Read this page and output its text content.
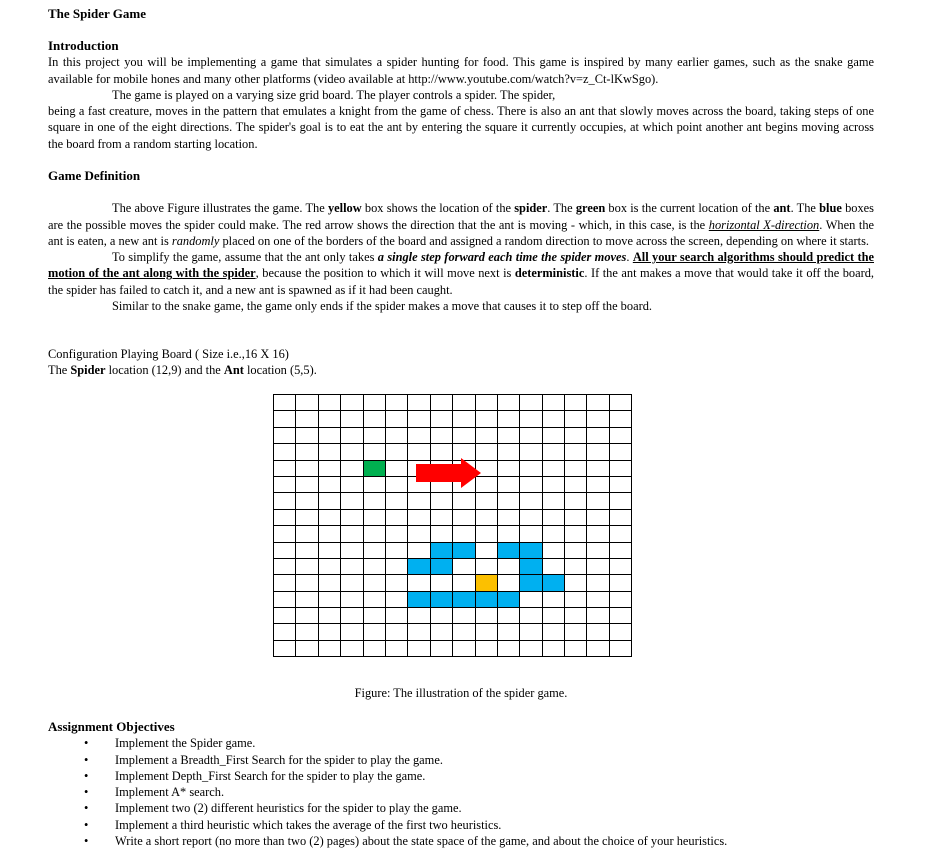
The Spider Game
Introduction

In this project you will be implementing a game that simulates a spider hunting for food. This game is inspired by many earlier games, such as the snake game available for mobile hones and many other platforms (video available at http://www.youtube.com/watch?v=z_Ct-lKwSgo).

The game is played on a varying size grid board. The player controls a spider. The spider,

being a fast creature, moves in the pattern that emulates a knight from the game of chess. There is also an ant that slowly moves across the board, taking steps of one square in one of the eight directions. The spider's goal is to eat the ant by entering the square it currently occupies, at which point another ant begins moving across the board from a random starting location.

Game Definition

The above Figure illustrates the game. The yellow box shows the location of the spider. The green box is the current location of the ant. The blue boxes are the possible moves the spider could make. The red arrow shows the direction that the ant is moving - which, in this case, is the horizontal X-direction. When the ant is eaten, a new ant is randomly placed on one of the borders of the board and assigned a random direction to move across the screen, depending on where it starts.

To simplify the game, assume that the ant only takes a single step forward each time the spider moves. All your search algorithms should predict the motion of the ant along with the spider, because the position to which it will move next is deterministic. If the ant makes a move that would take it off the board, the spider has failed to catch it, and a new ant is spawned as if it had been caught.

Similar to the snake game, the game only ends if the spider makes a move that causes it to step off the board.

Configuration Playing Board ( Size i.e.,16 X 16)
The Spider location (12,9) and the Ant location (5,5).

Figure: The illustration of the spider game.
Assignment Objectives
• Implement the Spider game.
• Implement a Breadth_First Search for the spider to play the game.
• Implement Depth_First Search for the spider to play the game.
• Implement A* search.
• Implement two (2) different heuristics for the spider to play the game.
• Implement a third heuristic which takes the average of the first two heuristics.
• Write a short report (no more than two (2) pages) about the state space of the game, and about the choice of your heuristics.
